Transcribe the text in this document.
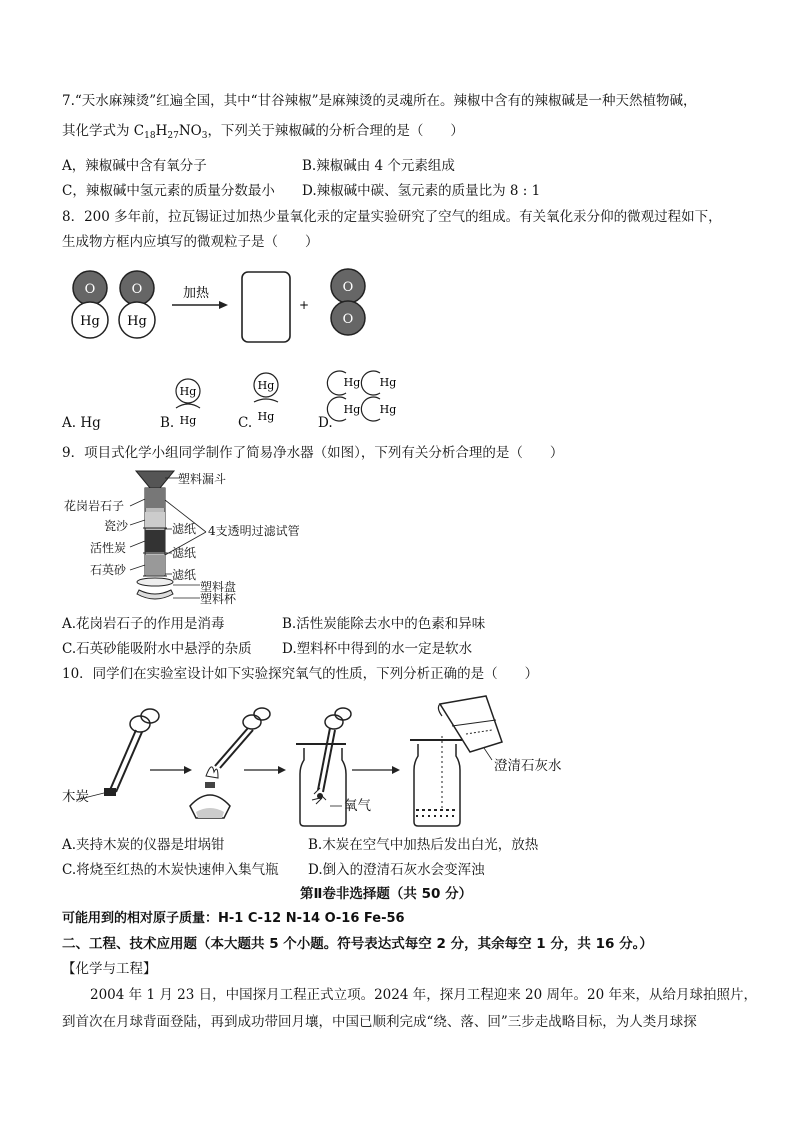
7.“天水麻辣烫”红遍全国，其中“甘谷辣椒”是麻辣烫的灵魂所在。辣椒中含有的辣椒碱是一种天然植物碱，
其化学式为 $C_{18}H_{27}NO_3$，下列关于辣椒碱的分析合理的是（　　）
A，辣椒碱中含有氧分子	B.辣椒碱由 4 个元素组成
C，辣椒碱中氢元素的质量分数最小 D.辣椒碱中碳、氢元素的质量比为 8 : 1
8．200 多年前，拉瓦锡证过加热少量氧化汞的定量实验研究了空气的组成。有关氧化汞分仰的微观过程如下，
生成物方框内应填写的微观粒子是（　　）
O
Hg
O
Hg
加热
+
O
O
Hg
Hg
Hg
Hg
Hg Hg
Hg Hg
A. Hg	B.	C.	D.
9．项目式化学小组同学制作了简易净水器（如图），下列有关分析合理的是（　　）
塑料漏斗
花岗岩石子
瓷沙	滤纸 4支透明过滤试管
活性炭	滤纸
石英砂	滤纸
塑料盘
塑料杯
A.花岗岩石子的作用是消毒	B.活性炭能除去水中的色素和异味
C.石英砂能吸附水中悬浮的杂质 D.塑料杯中得到的水一定是软水
10．同学们在实验室设计如下实验探究氧气的性质，下列分析正确的是（　　）
木炭
氧气
澄清石灰水
A.夹持木炭的仪器是坩埚钳	B.木炭在空气中加热后发出白光，放热
C.将烧至红热的木炭快速伸入集气瓶 D.倒入的澄清石灰水会变浑浊
第Ⅱ卷非选择题（共 50 分）
可能用到的相对原子质量：H-1 C-12 N-14 O-16 Fe-56
二、工程、技术应用题（本大题共 5 个小题。符号表达式每空 2 分，其余每空 1 分，共 16 分。）
【化学与工程】
2004 年 1 月 23 日，中国探月工程正式立项。2024 年，探月工程迎来 20 周年。20 年来，从给月球拍照片，
到首次在月球背面登陆，再到成功带回月壤，中国已顺利完成“绕、落、回”三步走战略目标，为人类月球探
